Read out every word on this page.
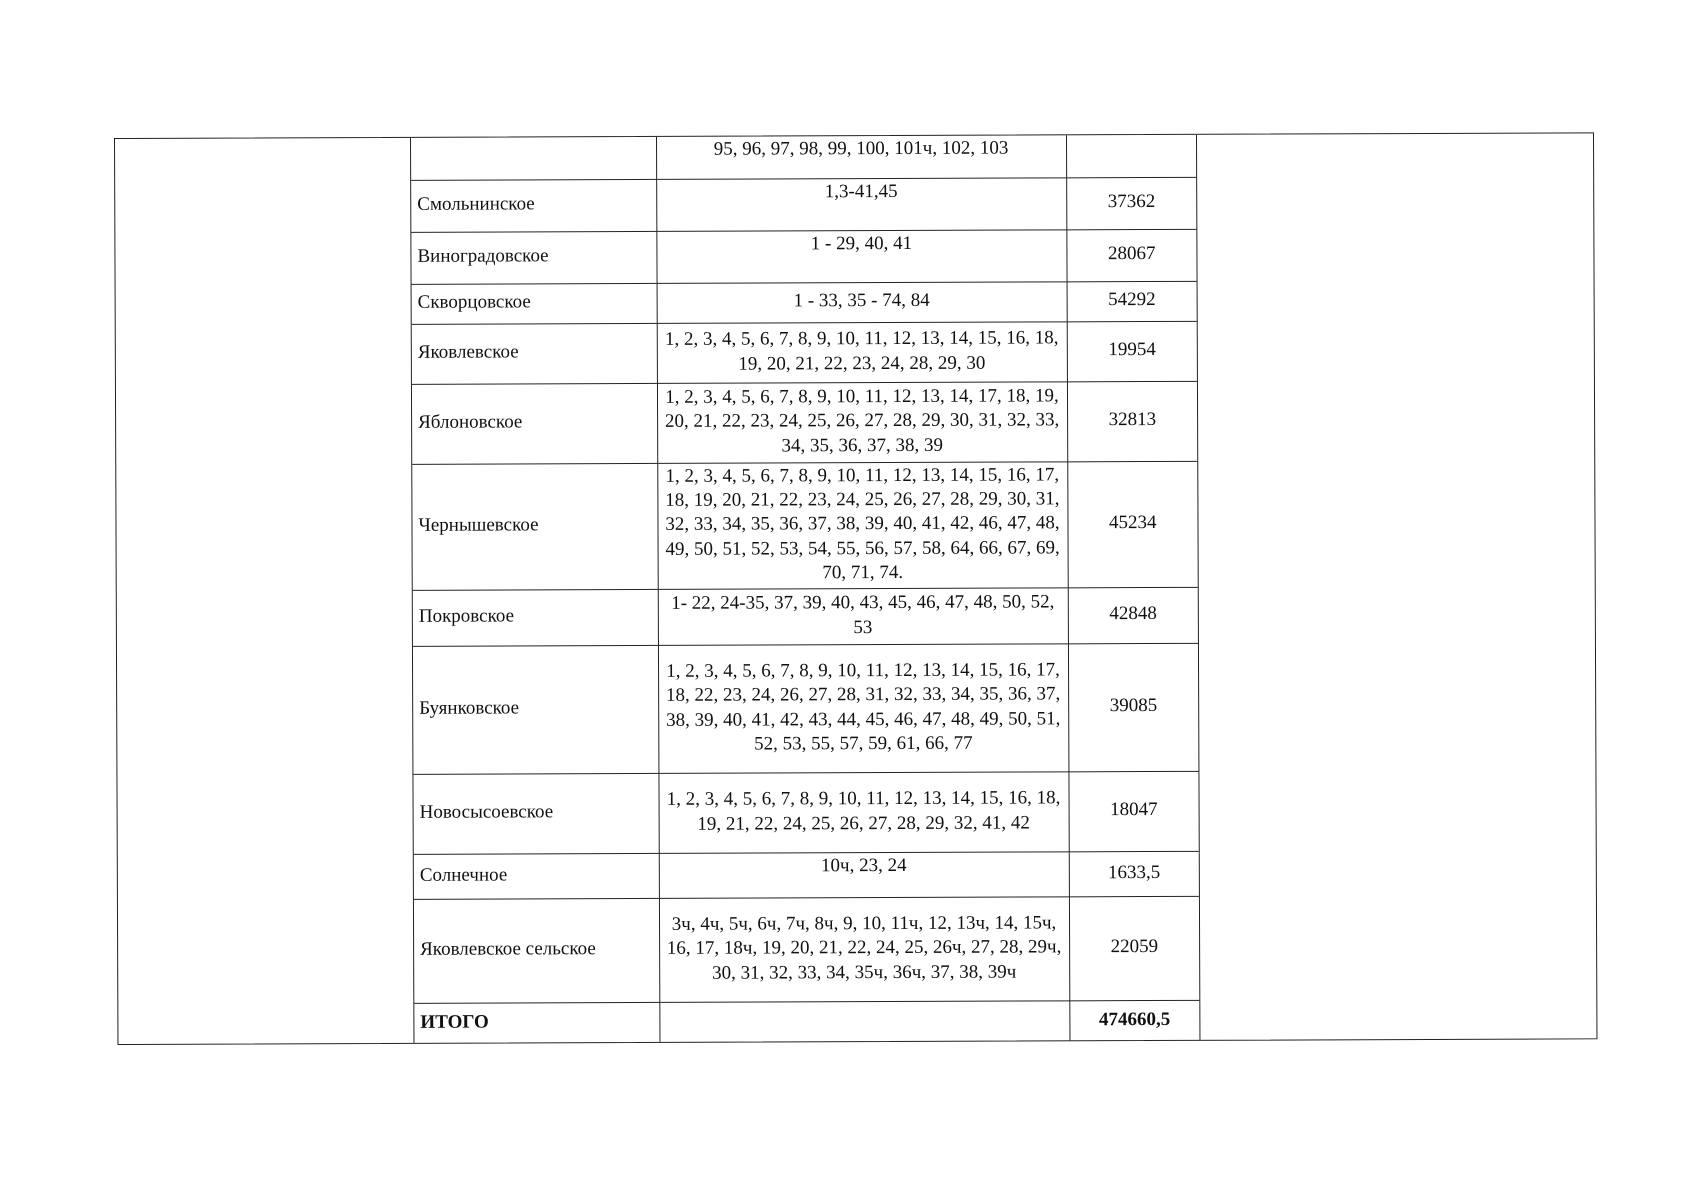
	95, 96, 97, 98, 99, 100, 101ч, 102, 103	
Смольнинское	1,3-41,45	37362
Виноградовское	1 - 29, 40, 41	28067
Скворцовское	1 - 33, 35 - 74, 84	54292
Яковлевское	1, 2, 3, 4, 5, 6, 7, 8, 9, 10, 11, 12, 13, 14, 15, 16, 18, 19, 20, 21, 22, 23, 24, 28, 29, 30	19954
Яблоновское	1, 2, 3, 4, 5, 6, 7, 8, 9, 10, 11, 12, 13, 14, 17, 18, 19, 20, 21, 22, 23, 24, 25, 26, 27, 28, 29, 30, 31, 32, 33, 34, 35, 36, 37, 38, 39	32813
Чернышевское	1, 2, 3, 4, 5, 6, 7, 8, 9, 10, 11, 12, 13, 14, 15, 16, 17, 18, 19, 20, 21, 22, 23, 24, 25, 26, 27, 28, 29, 30, 31, 32, 33, 34, 35, 36, 37, 38, 39, 40, 41, 42, 46, 47, 48, 49, 50, 51, 52, 53, 54, 55, 56, 57, 58, 64, 66, 67, 69, 70, 71, 74.	45234
Покровское	1- 22, 24-35, 37, 39, 40, 43, 45, 46, 47, 48, 50, 52, 53	42848
Буянковское	1, 2, 3, 4, 5, 6, 7, 8, 9, 10, 11, 12, 13, 14, 15, 16, 17, 18, 22, 23, 24, 26, 27, 28, 31, 32, 33, 34, 35, 36, 37, 38, 39, 40, 41, 42, 43, 44, 45, 46, 47, 48, 49, 50, 51, 52, 53, 55, 57, 59, 61, 66, 77	39085
Новосысоевское	1, 2, 3, 4, 5, 6, 7, 8, 9, 10, 11, 12, 13, 14, 15, 16, 18, 19, 21, 22, 24, 25, 26, 27, 28, 29, 32, 41, 42	18047
Солнечное	10ч, 23, 24	1633,5
Яковлевское сельское	3ч, 4ч, 5ч, 6ч, 7ч, 8ч, 9, 10, 11ч, 12, 13ч, 14, 15ч, 16, 17, 18ч, 19, 20, 21, 22, 24, 25, 26ч, 27, 28, 29ч, 30, 31, 32, 33, 34, 35ч, 36ч, 37, 38, 39ч	22059
ИТОГО		474660,5
